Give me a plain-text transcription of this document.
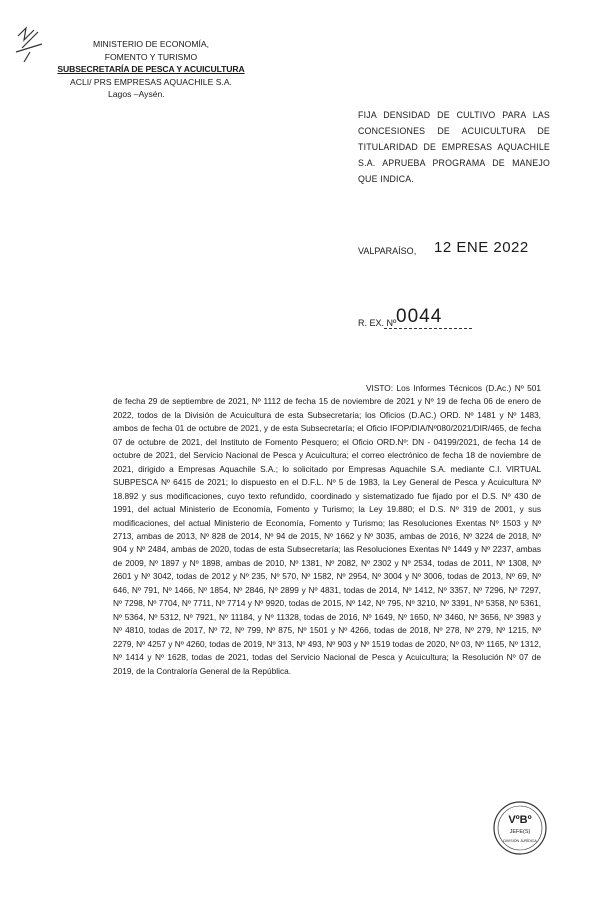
MINISTERIO DE ECONOMÍA,
FOMENTO Y TURISMO
SUBSECRETARÍA DE PESCA Y ACUICULTURA
ACLI/ PRS EMPRESAS AQUACHILE S.A.
Lagos –Aysén.
FIJA DENSIDAD DE CULTIVO PARA LAS CONCESIONES DE ACUICULTURA DE TITULARIDAD DE EMPRESAS AQUACHILE S.A. APRUEBA PROGRAMA DE MANEJO QUE INDICA.
VALPARAÍSO, 12 ENE 2022
R. EX. Nº 0044
VISTO: Los Informes Técnicos (D.Ac.) Nº 501 de fecha 29 de septiembre de 2021, Nº 1112 de fecha 15 de noviembre de 2021 y Nº 19 de fecha 06 de enero de 2022, todos de la División de Acuicultura de esta Subsecretaría; los Oficios (D.AC.) ORD. Nº 1481 y Nº 1483, ambos de fecha 01 de octubre de 2021, y de esta Subsecretaría; el Oficio IFOP/DIA/Nº080/2021/DIR/465, de fecha 07 de octubre de 2021, del Instituto de Fomento Pesquero; el Oficio ORD.Nº: DN - 04199/2021, de fecha 14 de octubre de 2021, del Servicio Nacional de Pesca y Acuicultura; el correo electrónico de fecha 18 de noviembre de 2021, dirigido a Empresas Aquachile S.A.; lo solicitado por Empresas Aquachile S.A. mediante C.I. VIRTUAL SUBPESCA Nº 6415 de 2021; lo dispuesto en el D.F.L. Nº 5 de 1983, la Ley General de Pesca y Acuicultura Nº 18.892 y sus modificaciones, cuyo texto refundido, coordinado y sistematizado fue fijado por el D.S. Nº 430 de 1991, del actual Ministerio de Economía, Fomento y Turismo; la Ley 19.880; el D.S. Nº 319 de 2001, y sus modificaciones, del actual Ministerio de Economía, Fomento y Turismo; las Resoluciones Exentas Nº 1503 y Nº 2713, ambas de 2013, Nº 828 de 2014, Nº 94 de 2015, Nº 1662 y Nº 3035, ambas de 2016, Nº 3224 de 2018, Nº 904 y Nº 2484, ambas de 2020, todas de esta Subsecretaría; las Resoluciones Exentas Nº 1449 y Nº 2237, ambas de 2009, Nº 1897 y Nº 1898, ambas de 2010, Nº 1381, Nº 2082, Nº 2302 y Nº 2534, todas de 2011, Nº 1308, Nº 2601 y Nº 3042, todas de 2012 y Nº 235, Nº 570, Nº 1582, Nº 2954, Nº 3004 y Nº 3006, todas de 2013, Nº 69, Nº 646, Nº 791, Nº 1466, Nº 1854, Nº 2846, Nº 2899 y Nº 4831, todas de 2014, Nº 1412, Nº 3357, Nº 7296, Nº 7297, Nº 7298, Nº 7704, Nº 7711, Nº 7714 y Nº 9920, todas de 2015, Nº 142, Nº 795, Nº 3210, Nº 3391, Nº 5358, Nº 5361, Nº 5364, Nº 5312, Nº 7921, Nº 11184, y Nº 11328, todas de 2016, Nº 1649, Nº 1650, Nº 3460, Nº 3656, Nº 3983 y Nº 4810, todas de 2017, Nº 72, Nº 799, Nº 875, Nº 1501 y Nº 4266, todas de 2018, Nº 278, Nº 279, Nº 1215, Nº 2279, Nº 4257 y Nº 4260, todas de 2019, Nº 313, Nº 493, Nº 903 y Nº 1519 todas de 2020, Nº 03, Nº 1165, Nº 1312, Nº 1414 y Nº 1628, todas de 2021, todas del Servicio Nacional de Pesca y Acuicultura; la Resolución Nº 07 de 2019, de la Contraloría General de la República.
VºBº
JEFE(S)
DIVISIÓN JURÍDICA
